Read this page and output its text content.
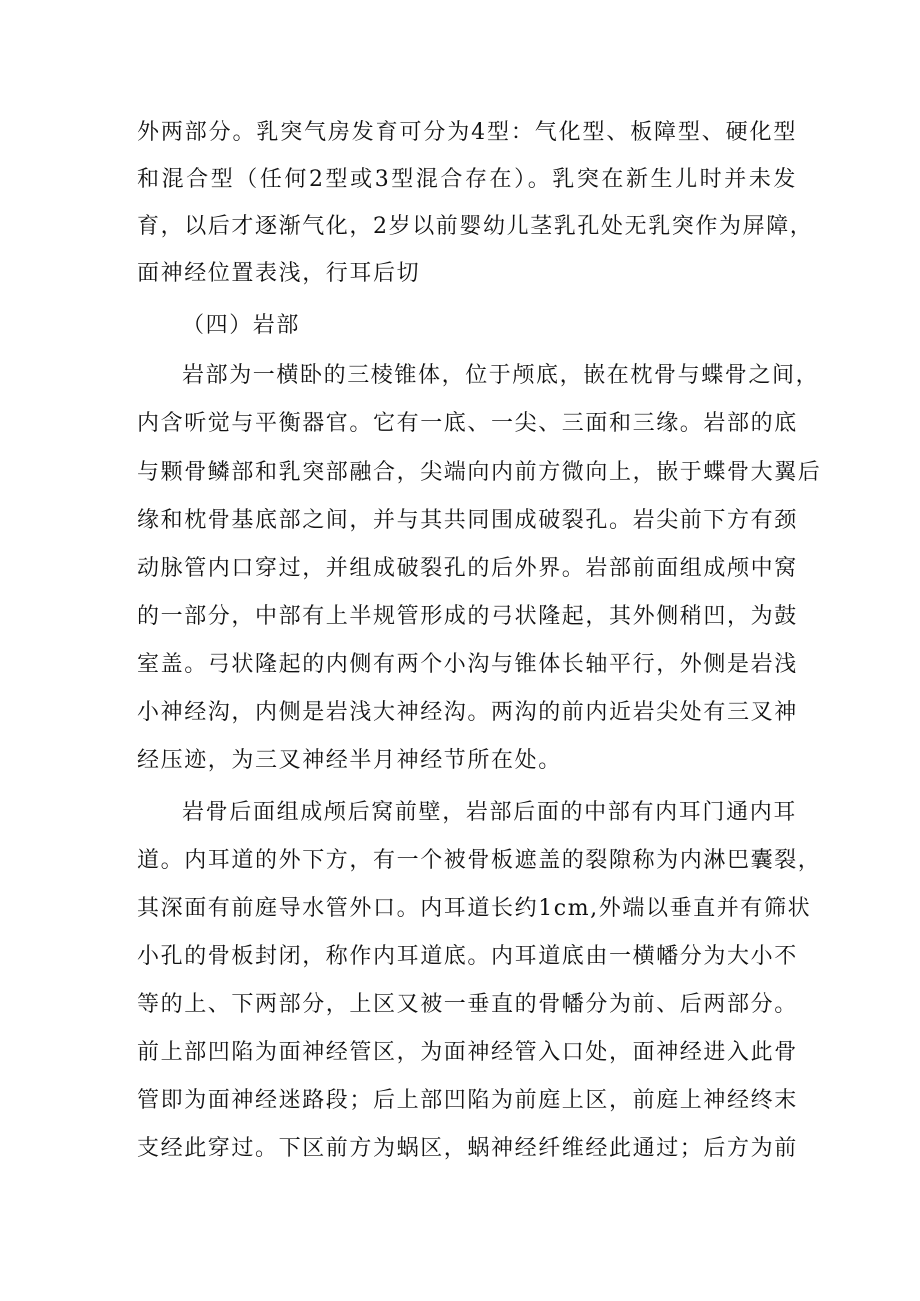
外两部分。乳突气房发育可分为4型：气化型、板障型、硬化型
和混合型（任何2型或3型混合存在）。乳突在新生儿时并未发
育，以后才逐渐气化，2岁以前婴幼儿茎乳孔处无乳突作为屏障，
面神经位置表浅，行耳后切
（四）岩部
岩部为一横卧的三棱锥体，位于颅底，嵌在枕骨与蝶骨之间，
内含听觉与平衡器官。它有一底、一尖、三面和三缘。岩部的底
与颗骨鳞部和乳突部融合，尖端向内前方微向上，嵌于蝶骨大翼后
缘和枕骨基底部之间，并与其共同围成破裂孔。岩尖前下方有颈
动脉管内口穿过，并组成破裂孔的后外界。岩部前面组成颅中窝
的一部分，中部有上半规管形成的弓状隆起，其外侧稍凹，为鼓
室盖。弓状隆起的内侧有两个小沟与锥体长轴平行，外侧是岩浅
小神经沟，内侧是岩浅大神经沟。两沟的前内近岩尖处有三叉神
经压迹，为三叉神经半月神经节所在处。
岩骨后面组成颅后窝前壁，岩部后面的中部有内耳门通内耳
道。内耳道的外下方，有一个被骨板遮盖的裂隙称为内淋巴囊裂，
其深面有前庭导水管外口。内耳道长约1cm,外端以垂直并有筛状
小孔的骨板封闭，称作内耳道底。内耳道底由一横幡分为大小不
等的上、下两部分，上区又被一垂直的骨幡分为前、后两部分。
前上部凹陷为面神经管区，为面神经管入口处，面神经进入此骨
管即为面神经迷路段；后上部凹陷为前庭上区，前庭上神经终末
支经此穿过。下区前方为蜗区，蜗神经纤维经此通过；后方为前
